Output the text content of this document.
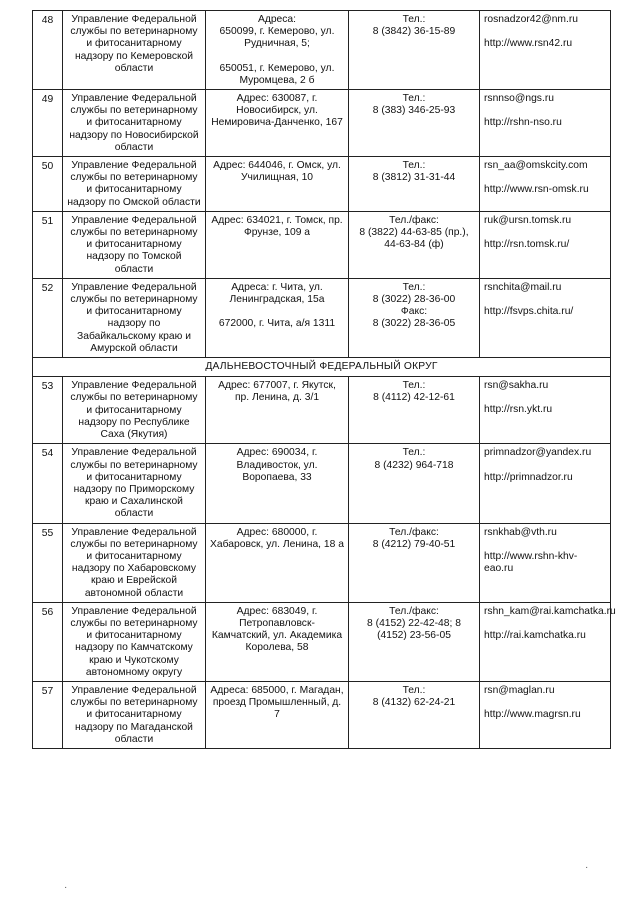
48	Управление Федеральной службы по ветеринарному и фитосанитарному надзору по Кемеровской области	Адреса:
650099, г. Кемерово, ул. Рудничная, 5;
650051, г. Кемерово, ул. Муромцева, 2 б	Тел.:
8 (3842) 36-15-89	rosnadzor42@nm.ru
http://www.rsn42.ru

49	Управление Федеральной службы по ветеринарному и фитосанитарному надзору по Новосибирской области	Адрес: 630087, г. Новосибирск, ул. Немировича-Данченко, 167	Тел.:
8 (383) 346-25-93	rsnnso@ngs.ru
http://rshn-nso.ru

50	Управление Федеральной службы по ветеринарному и фитосанитарному надзору по Омской области	Адрес: 644046, г. Омск, ул. Училищная, 10	Тел.:
8 (3812) 31-31-44	rsn_aa@omskcity.com
http://www.rsn-omsk.ru

51	Управление Федеральной службы по ветеринарному и фитосанитарному надзору по Томской области	Адрес: 634021, г. Томск, пр. Фрунзе, 109 а	Тел./факс:
8 (3822) 44-63-85 (пр.), 44-63-84 (ф)	ruk@ursn.tomsk.ru
http://rsn.tomsk.ru/

52	Управление Федеральной службы по ветеринарному и фитосанитарному надзору по Забайкальскому краю и Амурской области	Адреса: г. Чита, ул. Ленинградская, 15а
672000, г. Чита, а/я 1311	Тел.:
8 (3022) 28-36-00
Факс:
8 (3022) 28-36-05	rsnchita@mail.ru
http://fsvps.chita.ru/

ДАЛЬНЕВОСТОЧНЫЙ ФЕДЕРАЛЬНЫЙ ОКРУГ				
53	Управление Федеральной службы по ветеринарному и фитосанитарному надзору по Республике Саха (Якутия)	Адрес: 677007, г. Якутск, пр. Ленина, д. 3/1	Тел.:
8 (4112) 42-12-61	rsn@sakha.ru
http://rsn.ykt.ru

54	Управление Федеральной службы по ветеринарному и фитосанитарному надзору по Приморскому краю и Сахалинской области	Адрес: 690034, г. Владивосток, ул. Воропаева, 33	Тел.:
8 (4232) 964-718	primnadzor@yandex.ru
http://primnadzor.ru

55	Управление Федеральной службы по ветеринарному и фитосанитарному надзору по Хабаровскому краю и Еврейской автономной области	Адрес: 680000, г. Хабаровск, ул. Ленина, 18 а	Тел./факс:
8 (4212) 79-40-51	rsnkhab@vth.ru
http://www.rshn-khv-eao.ru

56	Управление Федеральной службы по ветеринарному и фитосанитарному надзору по Камчатскому краю и Чукотскому автономному округу	Адрес: 683049, г. Петропавловск-Камчатский, ул. Академика Королева, 58	Тел./факс:
8 (4152) 22-42-48; 8 (4152) 23-56-05	rshn_kam@rai.kamchatka.ru
http://rai.kamchatka.ru

57	Управление Федеральной службы по ветеринарному и фитосанитарному надзору по Магаданской области	Адреса: 685000, г. Магадан, проезд Промышленный, д. 7	Тел.:
8 (4132) 62-24-21	rsn@maglan.ru
http://www.magrsn.ru
·
·
